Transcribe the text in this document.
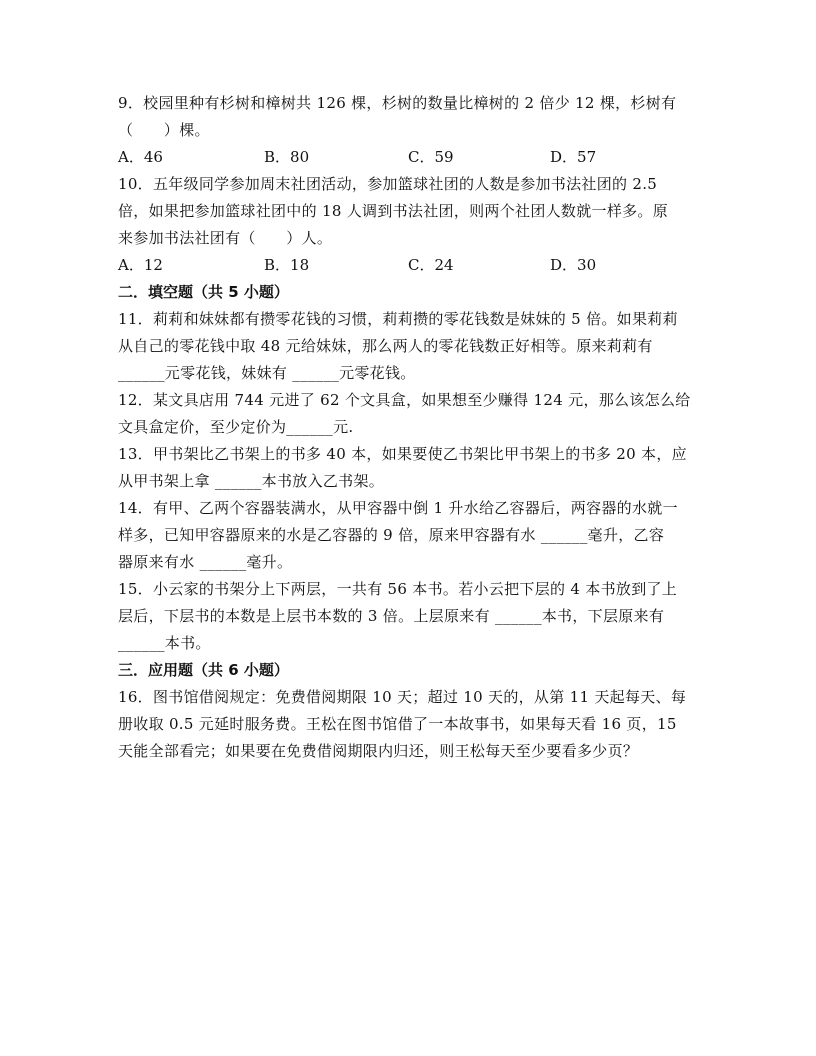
9．校园里种有杉树和樟树共 126 棵，杉树的数量比樟树的 2 倍少 12 棵，杉树有
（　　）棵。
A．46	B．80	C．59	D．57
10．五年级同学参加周末社团活动，参加篮球社团的人数是参加书法社团的 2.5
倍，如果把参加篮球社团中的 18 人调到书法社团，则两个社团人数就一样多。原
来参加书法社团有（　　）人。
A．12	B．18	C．24	D．30
二．填空题（共 5 小题）
11．莉莉和妹妹都有攒零花钱的习惯，莉莉攒的零花钱数是妹妹的 5 倍。如果莉莉
从自己的零花钱中取 48 元给妹妹，那么两人的零花钱数正好相等。原来莉莉有
______元零花钱，妹妹有 ______元零花钱。
12．某文具店用 744 元进了 62 个文具盒，如果想至少赚得 124 元，那么该怎么给
文具盒定价，至少定价为______元.
13．甲书架比乙书架上的书多 40 本，如果要使乙书架比甲书架上的书多 20 本，应
从甲书架上拿 ______本书放入乙书架。
14．有甲、乙两个容器装满水，从甲容器中倒 1 升水给乙容器后，两容器的水就一
样多，已知甲容器原来的水是乙容器的 9 倍，原来甲容器有水 ______毫升，乙容
器原来有水 ______毫升。
15．小云家的书架分上下两层，一共有 56 本书。若小云把下层的 4 本书放到了上
层后，下层书的本数是上层书本数的 3 倍。上层原来有 ______本书，下层原来有
______本书。
三．应用题（共 6 小题）
16．图书馆借阅规定：免费借阅期限 10 天；超过 10 天的，从第 11 天起每天、每
册收取 0.5 元延时服务费。王松在图书馆借了一本故事书，如果每天看 16 页，15
天能全部看完；如果要在免费借阅期限内归还，则王松每天至少要看多少页？
